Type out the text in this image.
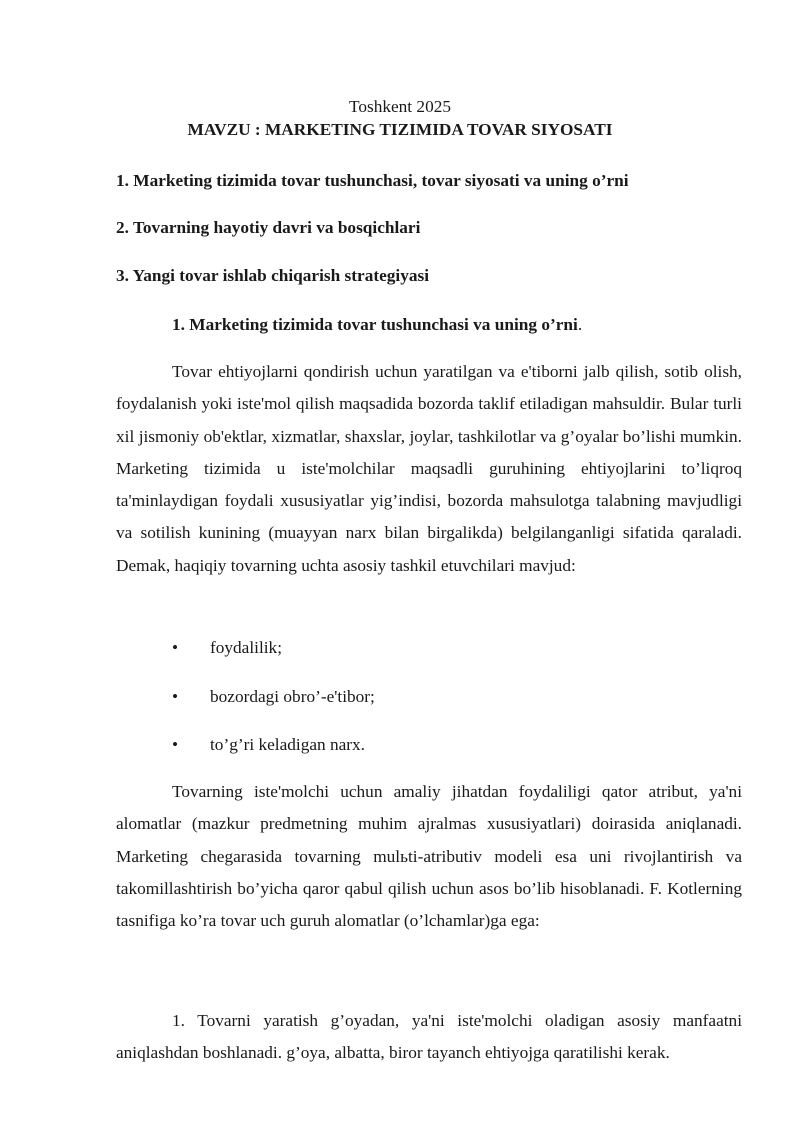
Toshkent 2025
MAVZU : MARKETING TIZIMIDA TOVAR SIYOSATI
1. Marketing tizimida tovar tushunchasi, tovar siyosati va uning o’rni
2. Tovarning hayotiy davri va bosqichlari
3. Yangi tovar ishlab chiqarish strategiyasi
1. Marketing tizimida tovar tushunchasi va uning o’rni.

Tovar ehtiyojlarni qondirish uchun yaratilgan va e'tiborni jalb qilish, sotib olish, foydalanish yoki iste'mol qilish maqsadida bozorda taklif etiladigan mahsuldir. Bular turli xil jismoniy ob'ektlar, xizmatlar, shaxslar, joylar, tashkilotlar va g’oyalar bo’lishi mumkin. Marketing tizimida u iste'molchilar maqsadli guruhining ehtiyojlarini to’liqroq ta'minlaydigan foydali xususiyatlar yig’indisi, bozorda mahsulotga talabning mavjudligi va sotilish kunining (muayyan narx bilan birgalikda) belgilanganligi sifatida qaraladi. Demak, haqiqiy tovarning uchta asosiy tashkil etuvchilari mavjud:

• foydalilik;
• bozordagi obro’-e'tibor;
• to’g’ri keladigan narx.

Tovarning iste'molchi uchun amaliy jihatdan foydaliligi qator atribut, ya'ni alomatlar (mazkur predmetning muhim ajralmas xususiyatlari) doirasida aniqlanadi. Marketing chegarasida tovarning mulьti-atributiv modeli esa uni rivojlantirish va takomillashtirish bo’yicha qaror qabul qilish uchun asos bo’lib hisoblanadi. F. Kotlerning tasnifiga ko’ra tovar uch guruh alomatlar (o’lchamlar)ga ega:

1. Tovarni yaratish g’oyadan, ya'ni iste'molchi oladigan asosiy manfaatni aniqlashdan boshlanadi. g’oya, albatta, biror tayanch ehtiyojga qaratilishi kerak.
